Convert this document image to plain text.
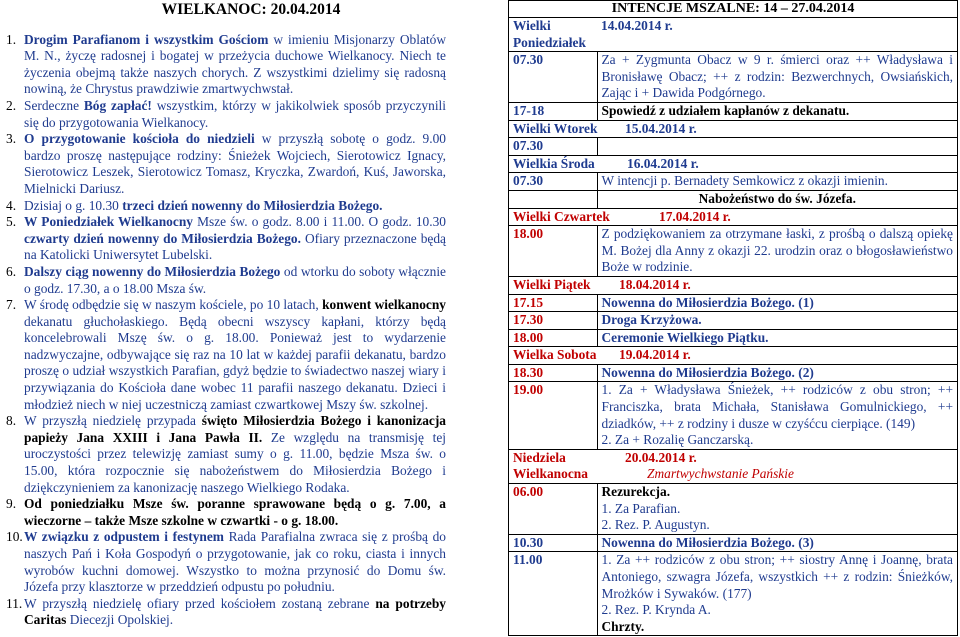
WIELKANOC: 20.04.2014

1. Drogim Parafianom i wszystkim Gościom w imieniu Misjonarzy Oblatów M. N., życzę radosnej i bogatej w przeżycia duchowe Wielkanocy. Niech te życzenia obejmą także naszych chorych. Z wszystkimi dzielimy się radosną nowiną, że Chrystus prawdziwie zmartwychwstał.

2. Serdeczne Bóg zapłać! wszystkim, którzy w jakikolwiek sposób przyczynili się do przygotowania Wielkanocy.

3. O przygotowanie kościoła do niedzieli w przyszłą sobotę o godz. 9.00 bardzo proszę następujące rodziny: Śnieżek Wojciech, Sierotowicz Ignacy, Sierotowicz Leszek, Sierotowicz Tomasz, Kryczka, Zwardoń, Kuś, Jaworska, Mielnicki Dariusz.

4. Dzisiaj o g. 10.30 trzeci dzień nowenny do Miłosierdzia Bożego.

5. W Poniedziałek Wielkanocny Msze św. o godz. 8.00 i 11.00. O godz. 10.30 czwarty dzień nowenny do Miłosierdzia Bożego. Ofiary przeznaczone będą na Katolicki Uniwersytet Lubelski.

6. Dalszy ciąg nowenny do Miłosierdzia Bożego od wtorku do soboty włącznie o godz. 17.30, a o 18.00 Msza św.

7. W środę odbędzie się w naszym kościele, po 10 latach, konwent wielkanocny dekanatu głuchołaskiego. Będą obecni wszyscy kapłani, którzy będą koncelebrowali Mszę św. o g. 18.00. Ponieważ jest to wydarzenie nadzwyczajne, odbywające się raz na 10 lat w każdej parafii dekanatu, bardzo proszę o udział wszystkich Parafian, gdyż będzie to świadectwo naszej wiary i przywiązania do Kościoła dane wobec 11 parafii naszego dekanatu. Dzieci i młodzież niech w niej uczestniczą zamiast czwartkowej Mszy św. szkolnej.

8. W przyszłą niedzielę przypada święto Miłosierdzia Bożego i kanonizacja papieży Jana XXIII i Jana Pawła II. Ze względu na transmisję tej uroczystości przez telewizję zamiast sumy o g. 11.00, będzie Msza św. o 15.00, która rozpocznie się nabożeństwem do Miłosierdzia Bożego i dziękczynieniem za kanonizację naszego Wielkiego Rodaka.

9. Od poniedziałku Msze św. poranne sprawowane będą o g. 7.00, a wieczorne – także Msze szkolne w czwartki - o g. 18.00.

10.W związku z odpustem i festynem Rada Parafialna zwraca się z prośbą do naszych Pań i Koła Gospodyń o przygotowanie, jak co roku, ciasta i innych wyrobów kuchni domowej. Wszystko to można przynosić do Domu św. Józefa przy klasztorze w przeddzień odpustu po południu.

11. W przyszłą niedzielę ofiary przed kościołem zostaną zebrane na potrzeby Caritas Diecezji Opolskiej.

INTENCJE MSZALNE: 14 – 27.04.2014
Wielki Poniedziałek	14.04.2014 r.
07.30	Za + Zygmunta Obacz w 9 r. śmierci oraz ++ Władysława i Bronisławę Obacz; ++ z rodzin: Bezwerchnych, Owsiańskich, Zając i + Dawida Podgórnego.
17-18	Spowiedź z udziałem kapłanów z dekanatu.
Wielki Wtorek	15.04.2014 r.
07.30	
Wielkia Środa	16.04.2014 r.
07.30	W intencji p. Bernadety Semkowicz z okazji imienin.
	Nabożeństwo do św. Józefa.
Wielki Czwartek	17.04.2014 r.
18.00	Z podziękowaniem za otrzymane łaski, z prośbą o dalszą opiekę M. Bożej dla Anny z okazji 22. urodzin oraz o błogosławieństwo Boże w rodzinie.
Wielki Piątek	18.04.2014 r.
17.15	Nowenna do Miłosierdzia Bożego. (1)
17.30	Droga Krzyżowa.
18.00	Ceremonie Wielkiego Piątku.
Wielka Sobota	19.04.2014 r.
18.30	Nowenna do Miłosierdzia Bożego. (2)
19.00	1. Za + Władysława Śnieżek, ++ rodziców z obu stron; ++ Franciszka, brata Michała, Stanisława Gomulnickiego, ++ dziadków, ++ z rodziny i dusze w czyśćcu cierpiące. (149)
2. Za + Rozalię Ganczarską.

Niedziela Wielkanocna	20.04.2014 r.
Zmartwychwstanie Pańskie

06.00	Rezurekcja.
1. Za Parafian.
2. Rez. P. Augustyn.

10.30	Nowenna do Miłosierdzia Bożego. (3)
11.00	1. Za ++ rodziców z obu stron; ++ siostry Annę i Joannę, brata Antoniego, szwagra Józefa, wszystkich ++ z rodzin: Śnieżków, Mrożków i Sywaków. (177)
2. Rez. P. Krynda A.
Chrzty.
